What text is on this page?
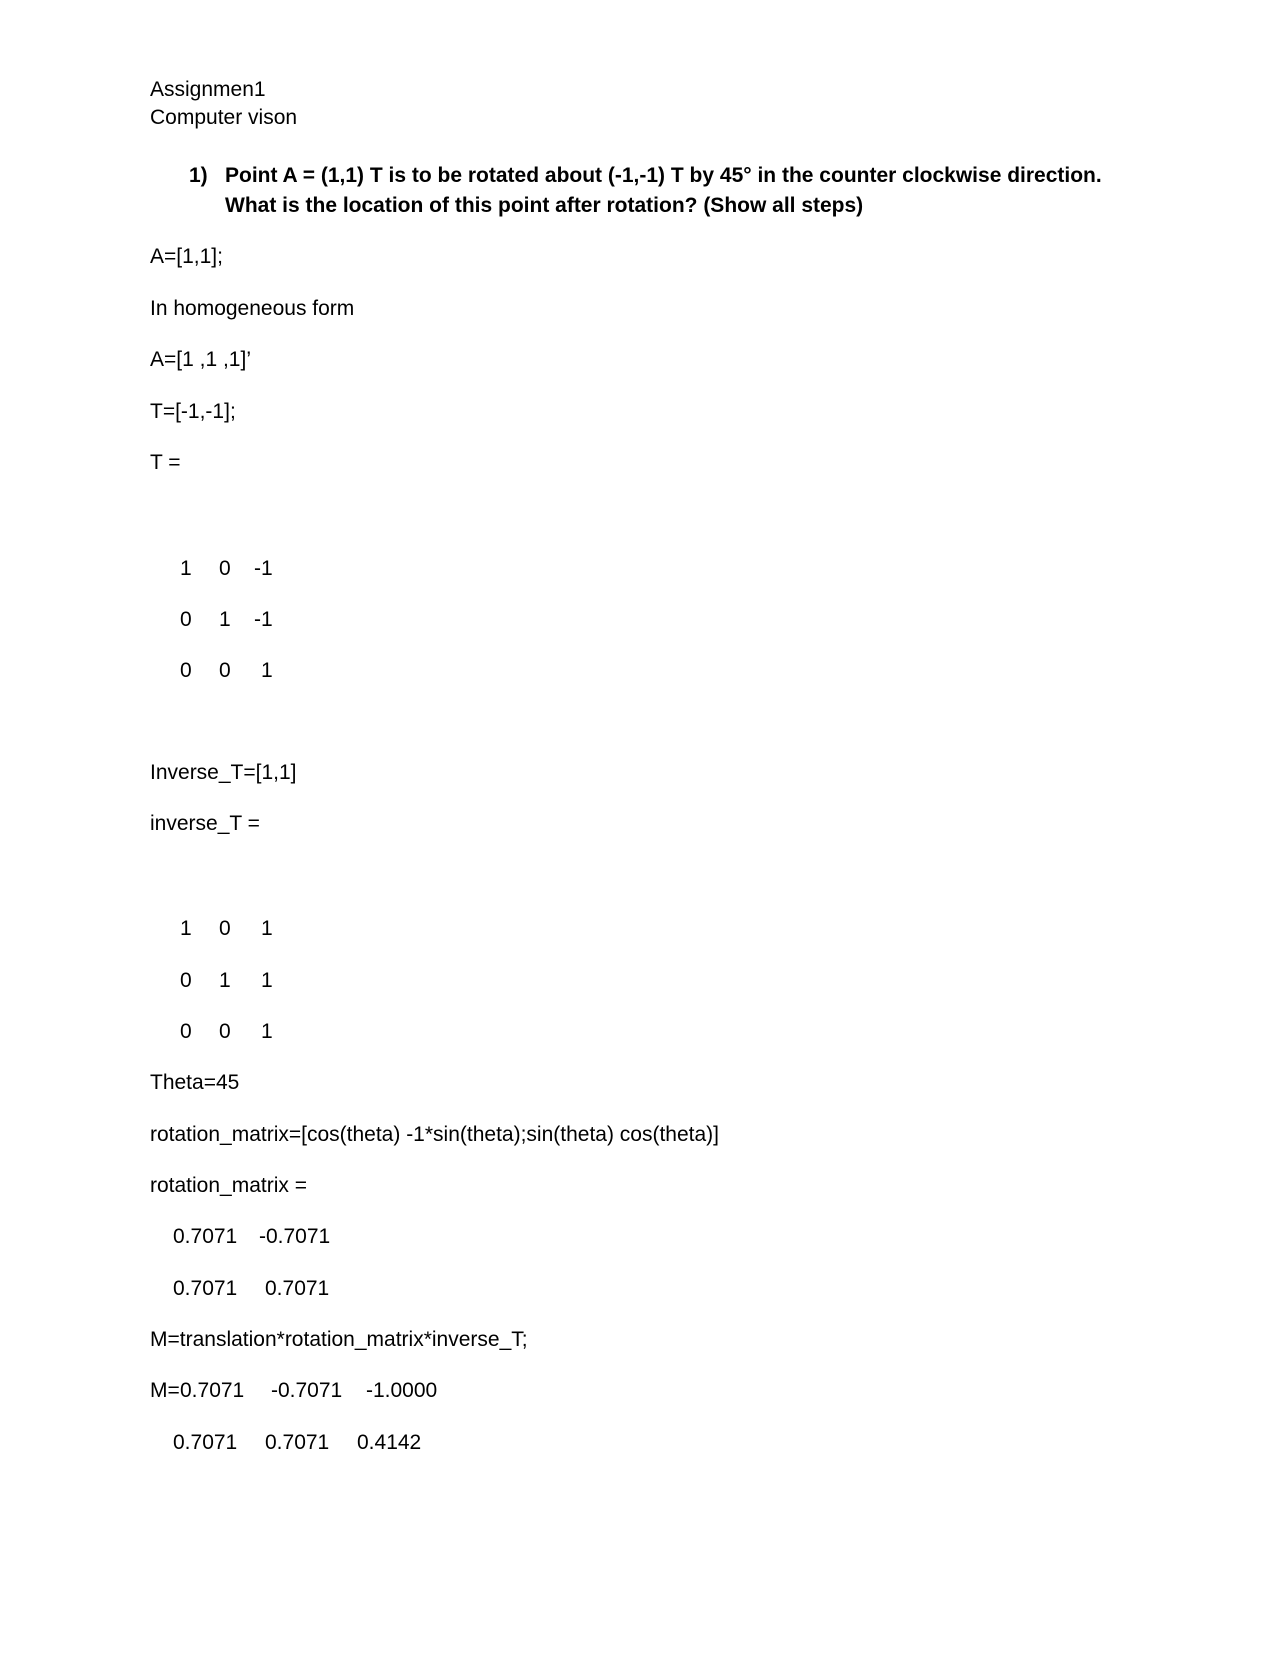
Assignmen1
Computer vison
1) Point A = (1,1) T is to be rotated about (-1,-1) T by 45° in the counter clockwise direction. What is the location of this point after rotation? (Show all steps)
A=[1,1];
In homogeneous form
A=[1 ,1 ,1]’
T=[-1,-1];
T =
1 0 -1
0 1 -1
0 0 1
Inverse_T=[1,1]
inverse_T =
1 0 1
0 1 1
0 0 1
Theta=45
rotation_matrix=[cos(theta) -1*sin(theta);sin(theta) cos(theta)]
rotation_matrix =
0.7071 -0.7071
0.7071 0.7071
M=translation*rotation_matrix*inverse_T;
M= 0.7071 -0.7071 -1.0000
0.7071 0.7071 0.4142
